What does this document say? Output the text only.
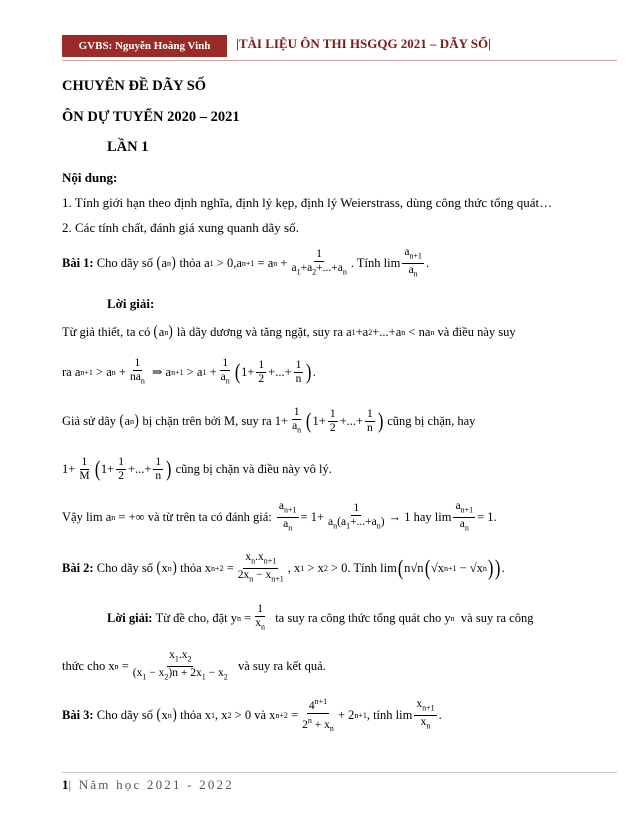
GVBS: Nguyễn Hoàng Vinh	|TÀI LIỆU ÔN THI HSGQG 2021 – DÃY SỐ|
CHUYÊN ĐỀ DÃY SỐ
ÔN DỰ TUYỂN 2020 – 2021
LẦN 1
Nội dung:
1. Tính giới hạn theo định nghĩa, định lý kẹp, định lý Weierstrass, dùng công thức tổng quát…
2. Các tính chất, đánh giá xung quanh dãy số.
Bài 1:
Cho dãy số
( a n )
thỏa a 1 > 0,a n+1 = a $n + \frac{1}{a_1+a_2+...+a_n}$ . Tính $\lim \frac{a_{n+1}}{a_n}$ .
Lời giải:
Từ giả thiết, ta có
( a n )
là dãy dương và tăng ngặt, suy ra a 1 +a 2 +...+a n < na n
và điều này suy
ra a n+1 > a $n + \frac{1}{na_n}$ ⇒ a n+1 > a $1 + \frac{1}{a_n}$ ( $1+ \frac{1}{2}$ +...+ $\frac{1}{n}$ ) .
Giả sử dãy
( a n )
bị chặn trên bởi M, suy ra $1+ \frac{1}{a_n}$ ( $1+ \frac{1}{2}$ +...+ $\frac{1}{n}$ )
cũng bị chặn, hay
$1+ \frac{1}{M}$ ( $1+ \frac{1}{2}$ +...+ $\frac{1}{n}$ )
cũng bị chặn và điều này vô lý.
Vậy lim a n = +∞ và từ trên ta có đánh giá:
$\frac{a_{n+1}}{a_n} = 1+ \frac{1}{a_n(a_1+...+a_n)} \to 1$ hay $\lim \frac{a_{n+1}}{a_n} = 1$.
Bài 2:
Cho dãy số
( x n )
thỏa x $n+2 = \frac{x_n.x_{n+1}}{2x_n - x_{n+1}}$ , x 1 > x 2 > 0 . Tính lim ( n√n ( √x n+1 − √x n ) ) .
Lời giải:
Từ đề cho, đặt y $n = \frac{1}{x_n}$
ta suy ra công thức tổng quát cho y n
và suy ra công
thức cho x $n = \frac{x_1.x_2}{(x_1 - x_2)n + 2x_1 - x_2}$
và suy ra kết quả.
Bài 3:
Cho dãy số
( x n )
thỏa x 1 , x 2 > 0 và x $n+2 = \frac{4^{n+1}}{2^n + x_n} + 2$ n+1 , tính $\lim \frac{x_{n+1}}{x_n}$ .
1| Năm học 2021 - 2022
